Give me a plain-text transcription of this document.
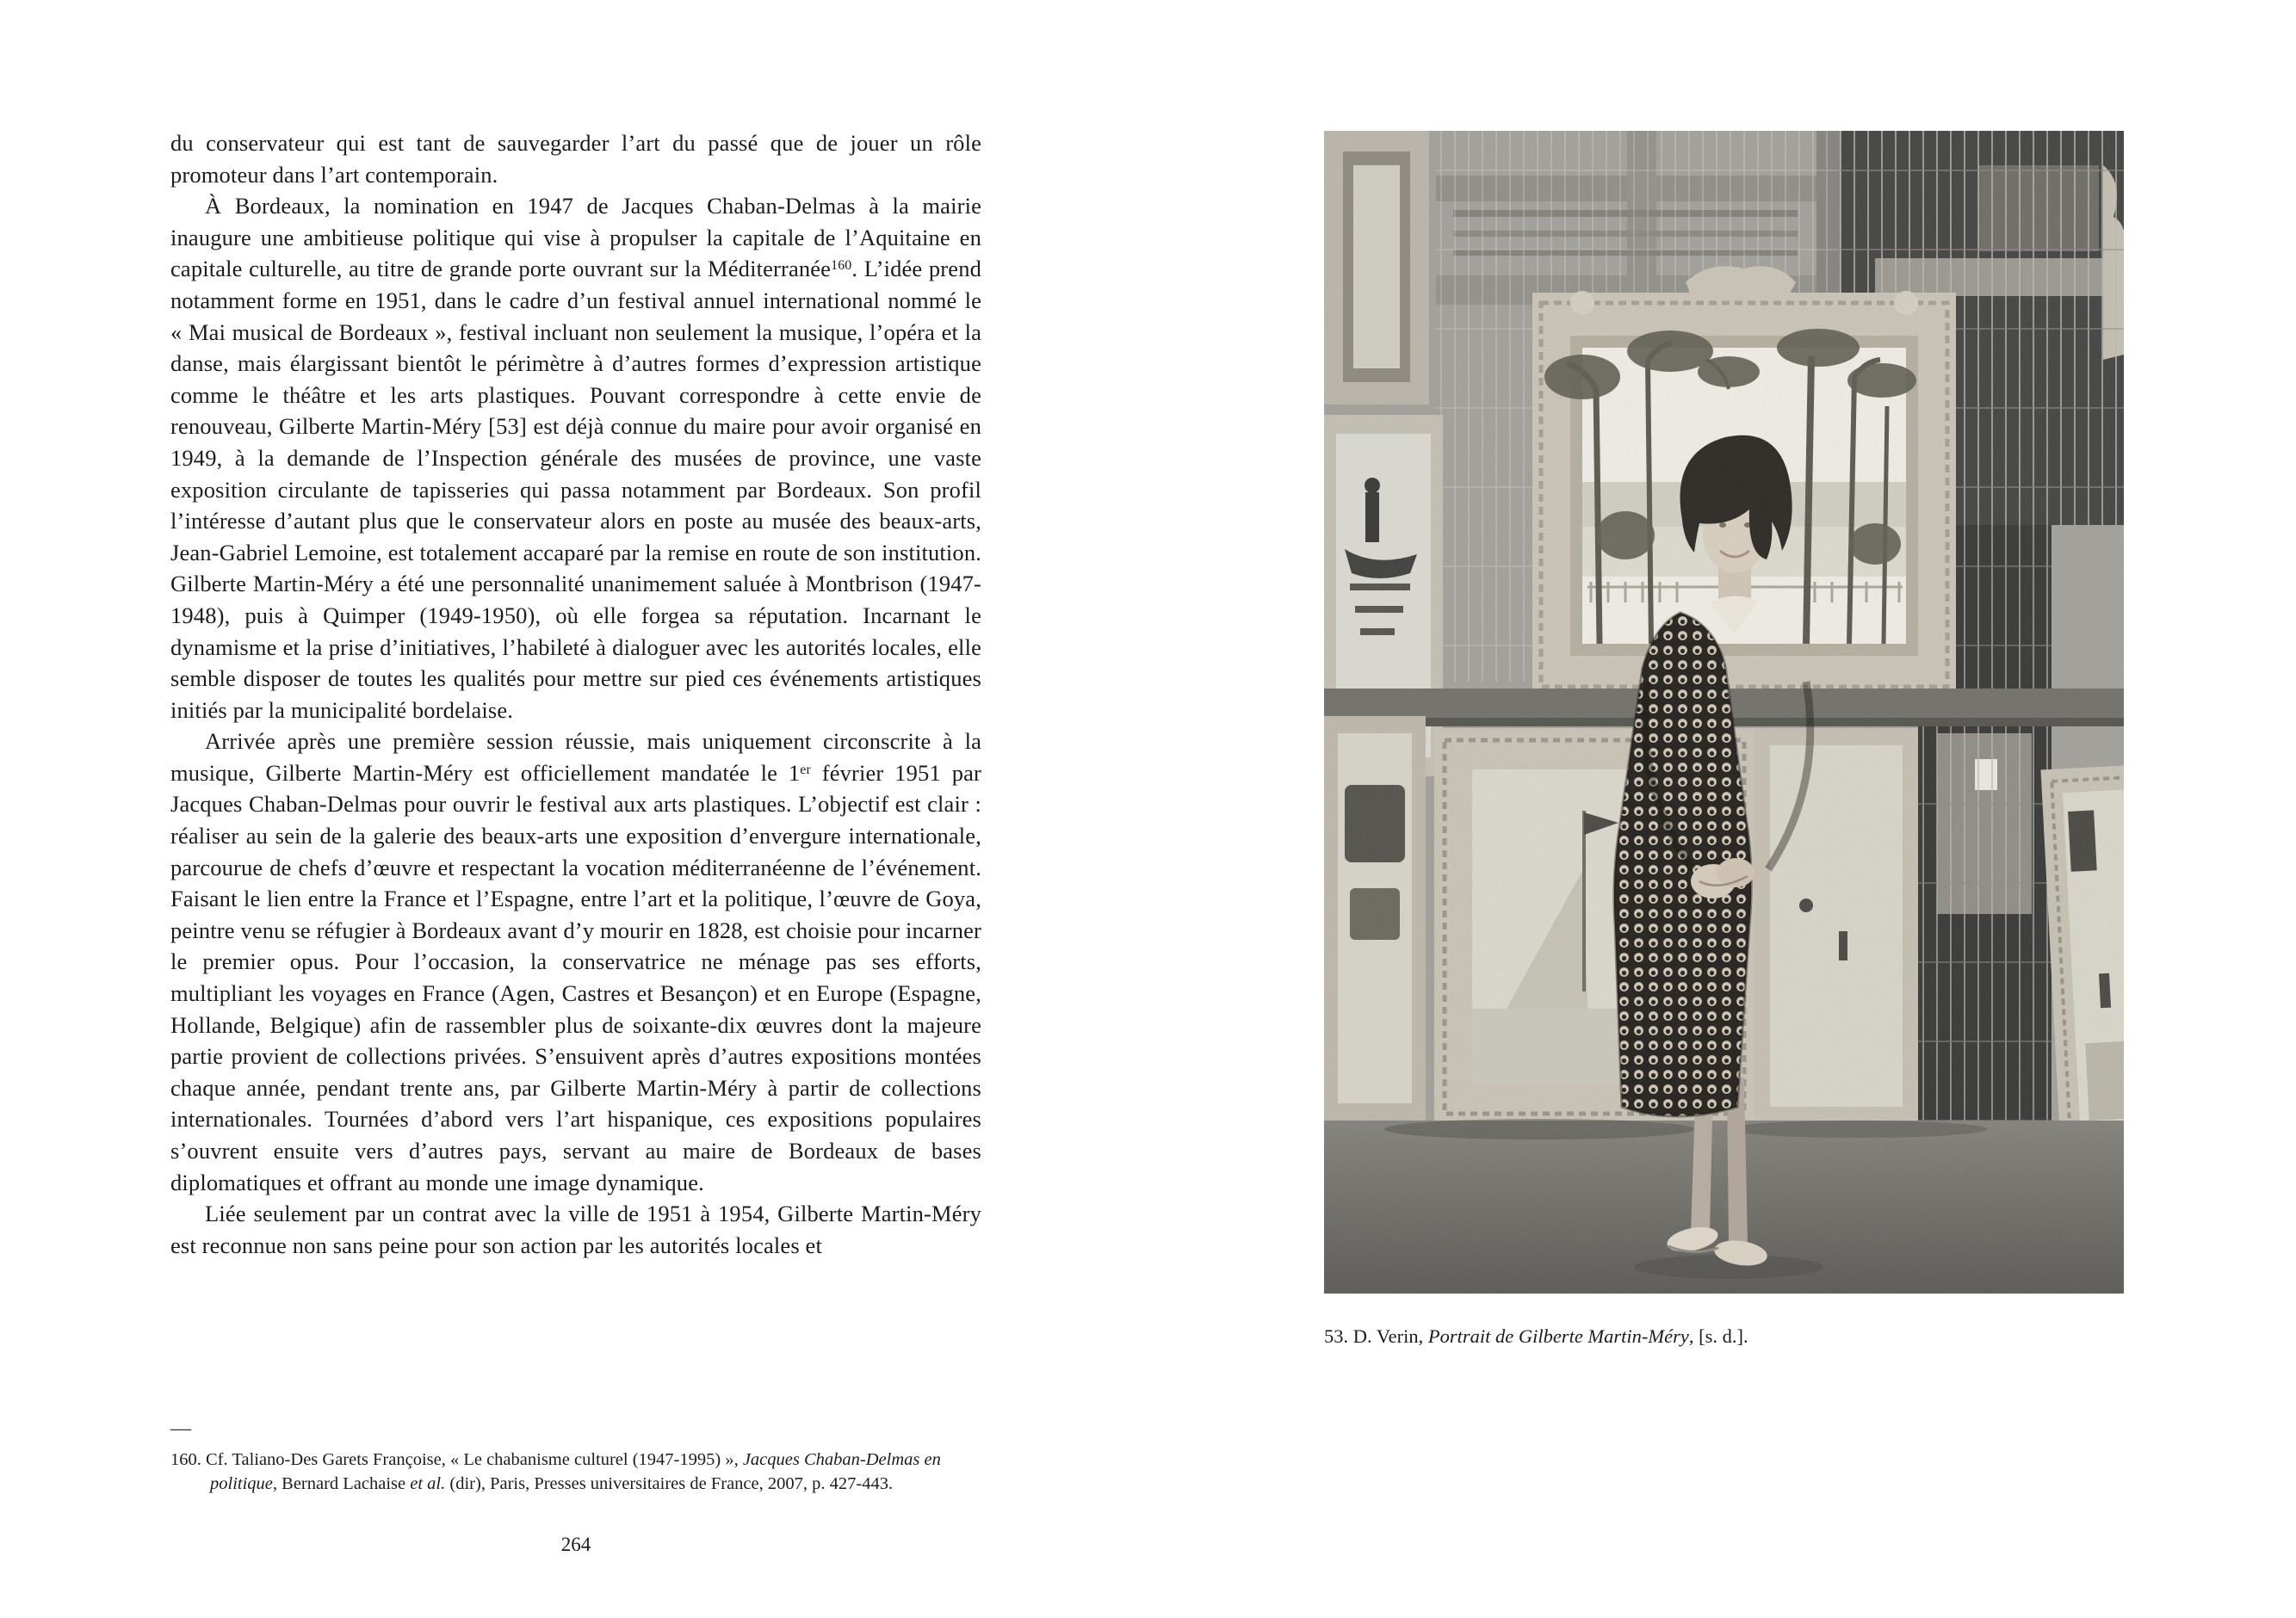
du conservateur qui est tant de sauvegarder l’art du passé que de jouer un rôle promoteur dans l’art contemporain.

À Bordeaux, la nomination en 1947 de Jacques Chaban-Delmas à la mairie inaugure une ambitieuse politique qui vise à propulser la capitale de l’Aquitaine en capitale culturelle, au titre de grande porte ouvrant sur la Méditerranée$^{160}$. L’idée prend notamment forme en 1951, dans le cadre d’un festival annuel international nommé le « Mai musical de Bordeaux », festival incluant non seulement la musique, l’opéra et la danse, mais élargissant bientôt le périmètre à d’autres formes d’expression artistique comme le théâtre et les arts plastiques. Pouvant correspondre à cette envie de renouveau, Gilberte Martin-Méry [53] est déjà connue du maire pour avoir organisé en 1949, à la demande de l’Inspection générale des musées de province, une vaste exposition circulante de tapisseries qui passa notamment par Bordeaux. Son profil l’intéresse d’autant plus que le conservateur alors en poste au musée des beaux-arts, Jean-Gabriel Lemoine, est totalement accaparé par la remise en route de son institution. Gilberte Martin-Méry a été une personnalité unanimement saluée à Montbrison (1947-1948), puis à Quimper (1949-1950), où elle forgea sa réputation. Incarnant le dynamisme et la prise d’initiatives, l’habileté à dialoguer avec les autorités locales, elle semble disposer de toutes les qualités pour mettre sur pied ces événements artistiques initiés par la municipalité bordelaise.

Arrivée après une première session réussie, mais uniquement circonscrite à la musique, Gilberte Martin-Méry est officiellement mandatée le 1er février 1951 par Jacques Chaban-Delmas pour ouvrir le festival aux arts plastiques. L’objectif est clair : réaliser au sein de la galerie des beaux-arts une exposition d’envergure internationale, parcourue de chefs d’œuvre et respectant la vocation méditerranéenne de l’événement. Faisant le lien entre la France et l’Espagne, entre l’art et la politique, l’œuvre de Goya, peintre venu se réfugier à Bordeaux avant d’y mourir en 1828, est choisie pour incarner le premier opus. Pour l’occasion, la conservatrice ne ménage pas ses efforts, multipliant les voyages en France (Agen, Castres et Besançon) et en Europe (Espagne, Hollande, Belgique) afin de rassembler plus de soixante-dix œuvres dont la majeure partie provient de collections privées. S’ensuivent après d’autres expositions montées chaque année, pendant trente ans, par Gilberte Martin-Méry à partir de collections internationales. Tournées d’abord vers l’art hispanique, ces expositions populaires s’ouvrent ensuite vers d’autres pays, servant au maire de Bordeaux de bases diplomatiques et offrant au monde une image dynamique.

Liée seulement par un contrat avec la ville de 1951 à 1954, Gilberte Martin-Méry est reconnue non sans peine pour son action par les autorités locales et

—

160. Cf. Taliano-Des Garets Françoise, « Le chabanisme culturel (1947-1995) », Jacques Chaban-Delmas en politique, Bernard Lachaise et al. (dir), Paris, Presses universitaires de France, 2007, p. 427-443.

264
53. D. Verin, Portrait de Gilberte Martin-Méry, [s. d.].
